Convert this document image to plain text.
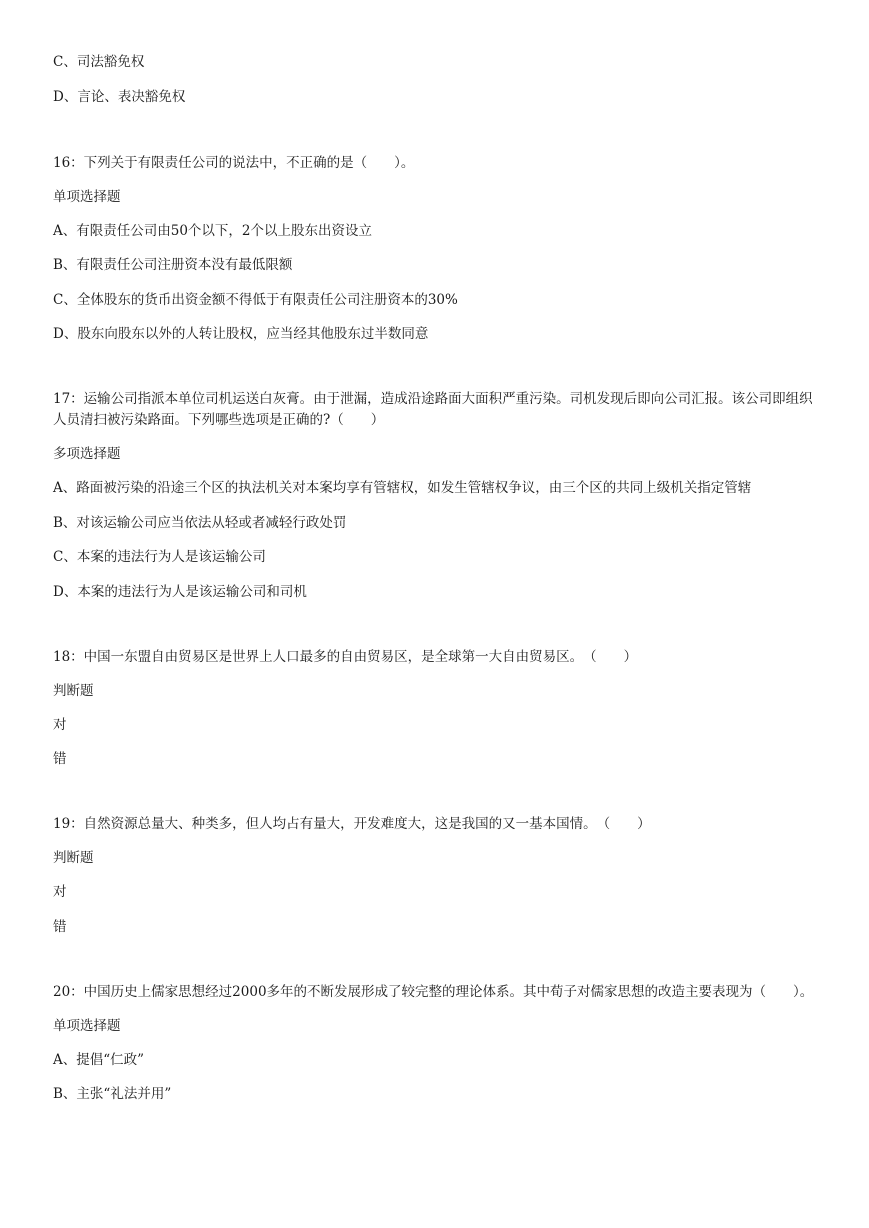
C、司法豁免权

D、言论、表决豁免权

16：下列关于有限责任公司的说法中，不正确的是（　　）。

单项选择题

A、有限责任公司由50个以下，2个以上股东出资设立

B、有限责任公司注册资本没有最低限额

C、全体股东的货币出资金额不得低于有限责任公司注册资本的30%

D、股东向股东以外的人转让股权，应当经其他股东过半数同意

17：运输公司指派本单位司机运送白灰膏。由于泄漏，造成沿途路面大面积严重污染。司机发现后即向公司汇报。该公司即组织人员清扫被污染路面。下列哪些选项是正确的?（　　）

多项选择题

A、路面被污染的沿途三个区的执法机关对本案均享有管辖权，如发生管辖权争议，由三个区的共同上级机关指定管辖

B、对该运输公司应当依法从轻或者减轻行政处罚

C、本案的违法行为人是该运输公司

D、本案的违法行为人是该运输公司和司机

18：中国一东盟自由贸易区是世界上人口最多的自由贸易区，是全球第一大自由贸易区。　（　　）

判断题

对

错

19：自然资源总量大、种类多，但人均占有量大，开发难度大，这是我国的又一基本国情。　（　　）

判断题

对

错

20：中国历史上儒家思想经过2000多年的不断发展形成了较完整的理论体系。其中荀子对儒家思想的改造主要表现为（　　）。

单项选择题

A、提倡“仁政”

B、主张“礼法并用”
